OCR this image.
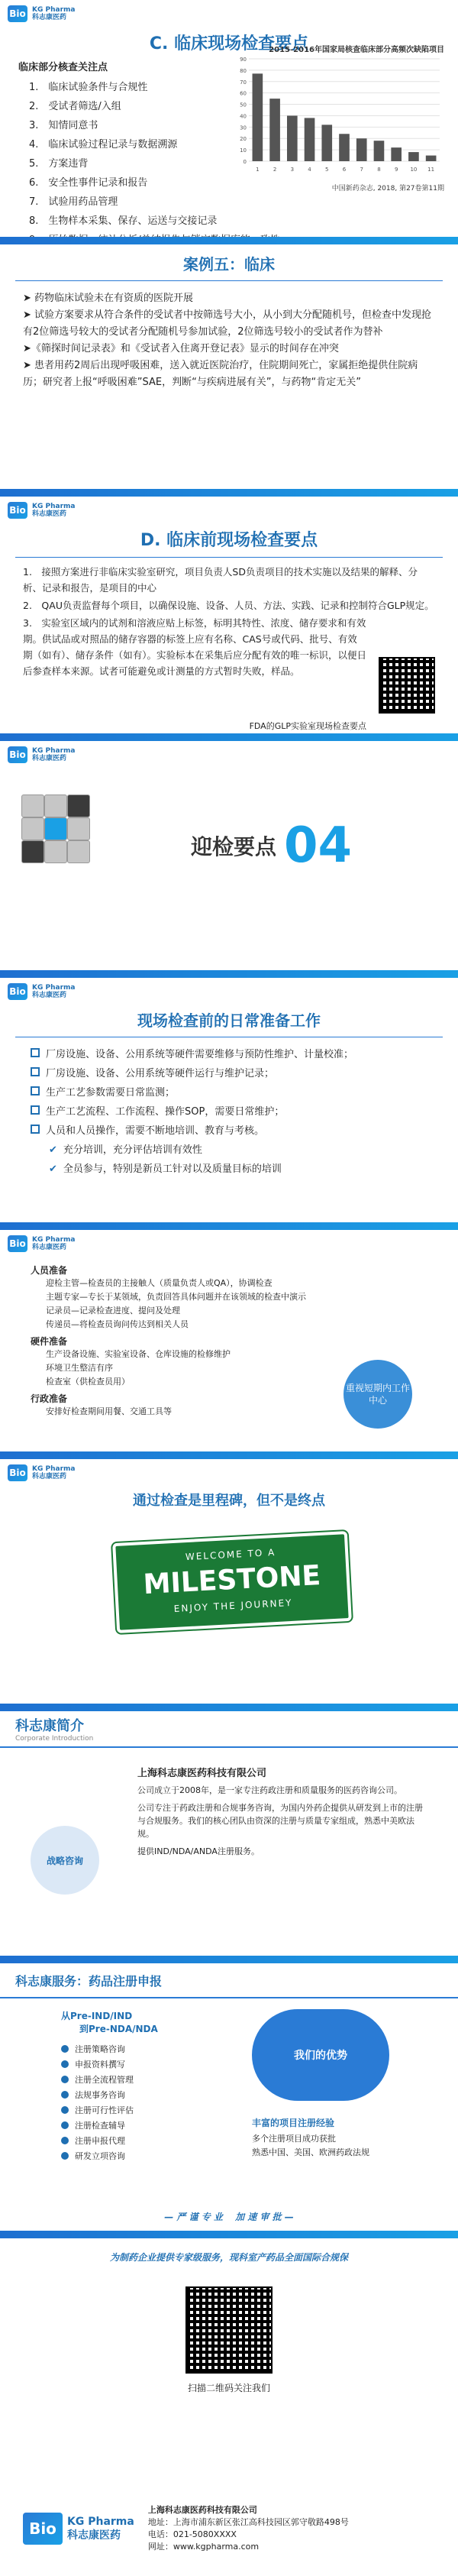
Bio KG Pharma
科志康医药
C. 临床现场检查要点
临床部分核查关注点
1.　临床试验条件与合规性
2.　受试者筛选/入组
3.　知情同意书
4.　临床试验过程记录与数据溯源
5.　方案违背
6.　安全性事件记录和报告
7.　试验用药品管理
8.　生物样本采集、保存、运送与交接记录
2015-2016年国家局核查临床部分高频次缺陷项目
0
10
20
30
40
50
60
70
80
90
1	2	3	4	5	6	7	8	9 10 11
中国新药杂志, 2018, 第27卷第11期
案例五：临床
➤ 药物临床试验未在有资质的医院开展
➤ 试验方案要求从符合条件的受试者中按筛选号大小，从小到大分配随机号，但检查中发现抢有2位筛选号较大的受试者分配随机号参加试验，2位筛选号较小的受试者作为替补
➤《筛探时间记录表》和《受试者入住离开登记表》显示的时间存在冲突
➤ 患者用药2周后出现呼吸困难，送入就近医院治疗，住院期间死亡，家属拒绝提供住院病历；研究者上报“呼吸困难”SAE，判断“与疾病进展有关”，与药物“肯定无关”
Bio KG Pharma
科志康医药
D. 临床前现场检查要点
1.　接照方案进行非临床实验室研究，项目负责人SD负责项目的技术实施以及结果的解释、分析、记录和报告，是项目的中心
2.　QAU负责监督每个项目，以确保设施、设备、人员、方法、实践、记录和控制符合GLP规定。
3.　实验室区域内的试剂和溶液应贴上标签，标明其特性、浓度、储存要求和有效期。供试品或对照品的储存容器的标签上应有名称、CAS号或代码、批号、有效期（如有）、储存条件（如有）。实验标本在采集后应分配有效的唯一标识，以便日后参查样本来源。试者可能避免或计测量的方式暂时失败，样品。
FDA的GLP实验室现场检查要点
Bio KG Pharma
科志康医药
迎检要点 04
Bio KG Pharma
科志康医药
现场检查前的日常准备工作
厂房设施、设备、公用系统等硬件需要维修与预防性维护、计量校准；
厂房设施、设备、公用系统等硬件运行与维护记录；
生产工艺参数需要日常监测；
生产工艺流程、工作流程、操作SOP，需要日常维护；
人员和人员操作，需要不断地培训、教育与考核。
✔ 充分培训，充分评估培训有效性
✔ 全员参与，特别是新员工针对以及质量目标的培训
Bio KG Pharma
科志康医药
人员准备
迎检主管—检查员的主接触人（质量负责人或QA），协调检查
主题专家—专长于某领域，负责回答具体问题并在该领域的检查中演示
记录员—记录检查进度、提问及处理
传递员—将检查员询问传达到相关人员
硬件准备
生产设备设施、实验室设备、仓库设施的检修维护
环境卫生整洁有序
检查室（供检查员用）
行政准备
安排好检查期间用餐、交通工具等
重视短期内工作中心
Bio KG Pharma
科志康医药
通过检查是里程碑，但不是终点
WELCOME TO A
MILESTONE
ENJOY THE JOURNEY
科志康简介
Corporate Introduction
战略咨询
上海科志康医药科技有限公司
公司成立于2008年，是一家专注药政注册和质量服务的医药咨询公司。
公司专注于药政注册和合规事务咨询，为国内外药企提供从研发到上市的注册与合规服务。我们的核心团队由资深的注册与质量专家组成，熟悉中美欧法规。
提供IND/NDA/ANDA注册服务。
科志康服务：药品注册申报
从Pre-IND/IND
到Pre-NDA/NDA
注册策略咨询
申报资料撰写
注册全流程管理
法规事务咨询
注册可行性评估
注册检查辅导
注册申报代理
研发立项咨询
我们的优势
丰富的项目注册经验
多个注册项目成功获批
熟悉中国、美国、欧洲药政法规
— 严 谨 专 业　 加 速 审 批 —
为制药企业提供专家级服务，现科室产药品全面国际合规保
扫描二维码关注我们
Bio	KG Pharma
科志康医药
上海科志康医药科技有限公司
地址：上海市浦东新区张江高科技园区郭守敬路498号
电话：021-5080XXXX
网址：www.kgpharma.com
